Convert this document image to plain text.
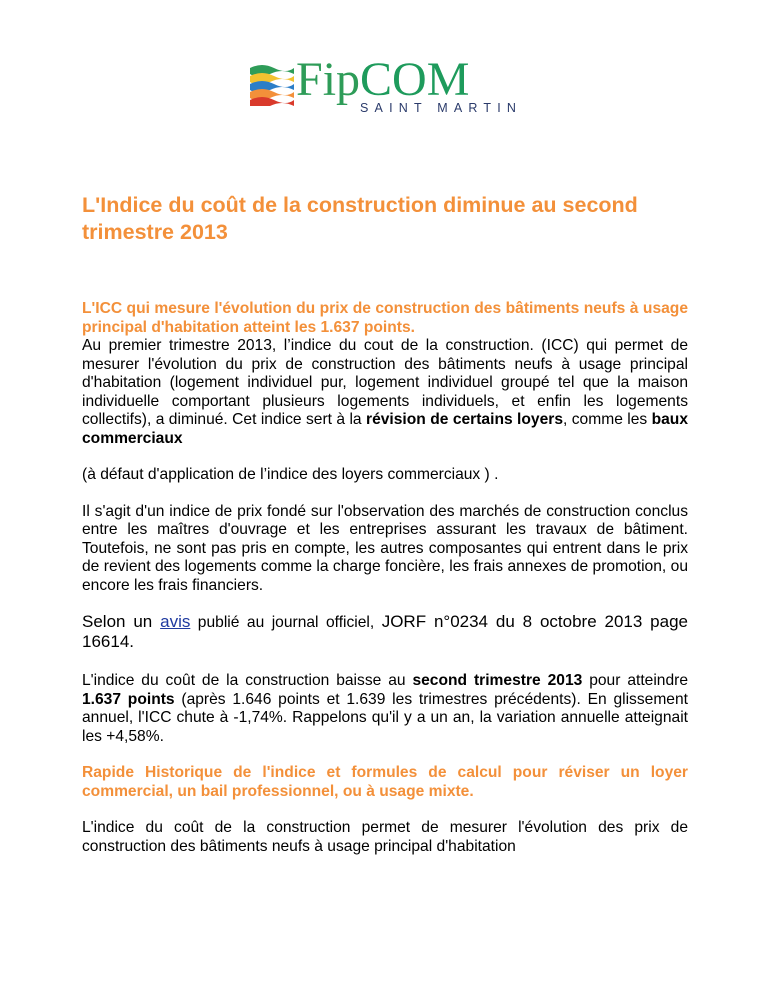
FipCOM
SAINT MARTIN
L'Indice du coût de la construction diminue au second trimestre 2013

L'ICC qui mesure l'évolution du prix de construction des bâtiments neufs à usage principal d'habitation atteint les 1.637 points.

Au premier trimestre 2013, l’indice du cout de la construction. (ICC) qui permet de mesurer l'évolution du prix de construction des bâtiments neufs à usage principal d'habitation (logement individuel pur, logement individuel groupé tel que la maison individuelle comportant plusieurs logements individuels, et enfin les logements collectifs), a diminué. Cet indice sert à la révision de certains loyers, comme les baux commerciaux

(à défaut d'application de l’indice des loyers commerciaux ) .

Il s'agit d'un indice de prix fondé sur l'observation des marchés de construction conclus entre les maîtres d'ouvrage et les entreprises assurant les travaux de bâtiment. Toutefois, ne sont pas pris en compte, les autres composantes qui entrent dans le prix de revient des logements comme la charge foncière, les frais annexes de promotion, ou encore les frais financiers.

Selon un avis publié au journal officiel, JORF n°0234 du 8 octobre 2013 page 16614.

L'indice du coût de la construction baisse au second trimestre 2013 pour atteindre 1.637 points (après 1.646 points et 1.639 les trimestres précédents). En glissement annuel, l'ICC chute à -1,74%. Rappelons qu'il y a un an, la variation annuelle atteignait les +4,58%.

Rapide Historique de l'indice et formules de calcul pour réviser un loyer commercial, un bail professionnel, ou à usage mixte.

L'indice du coût de la construction permet de mesurer l'évolution des prix de construction des bâtiments neufs à usage principal d'habitation
